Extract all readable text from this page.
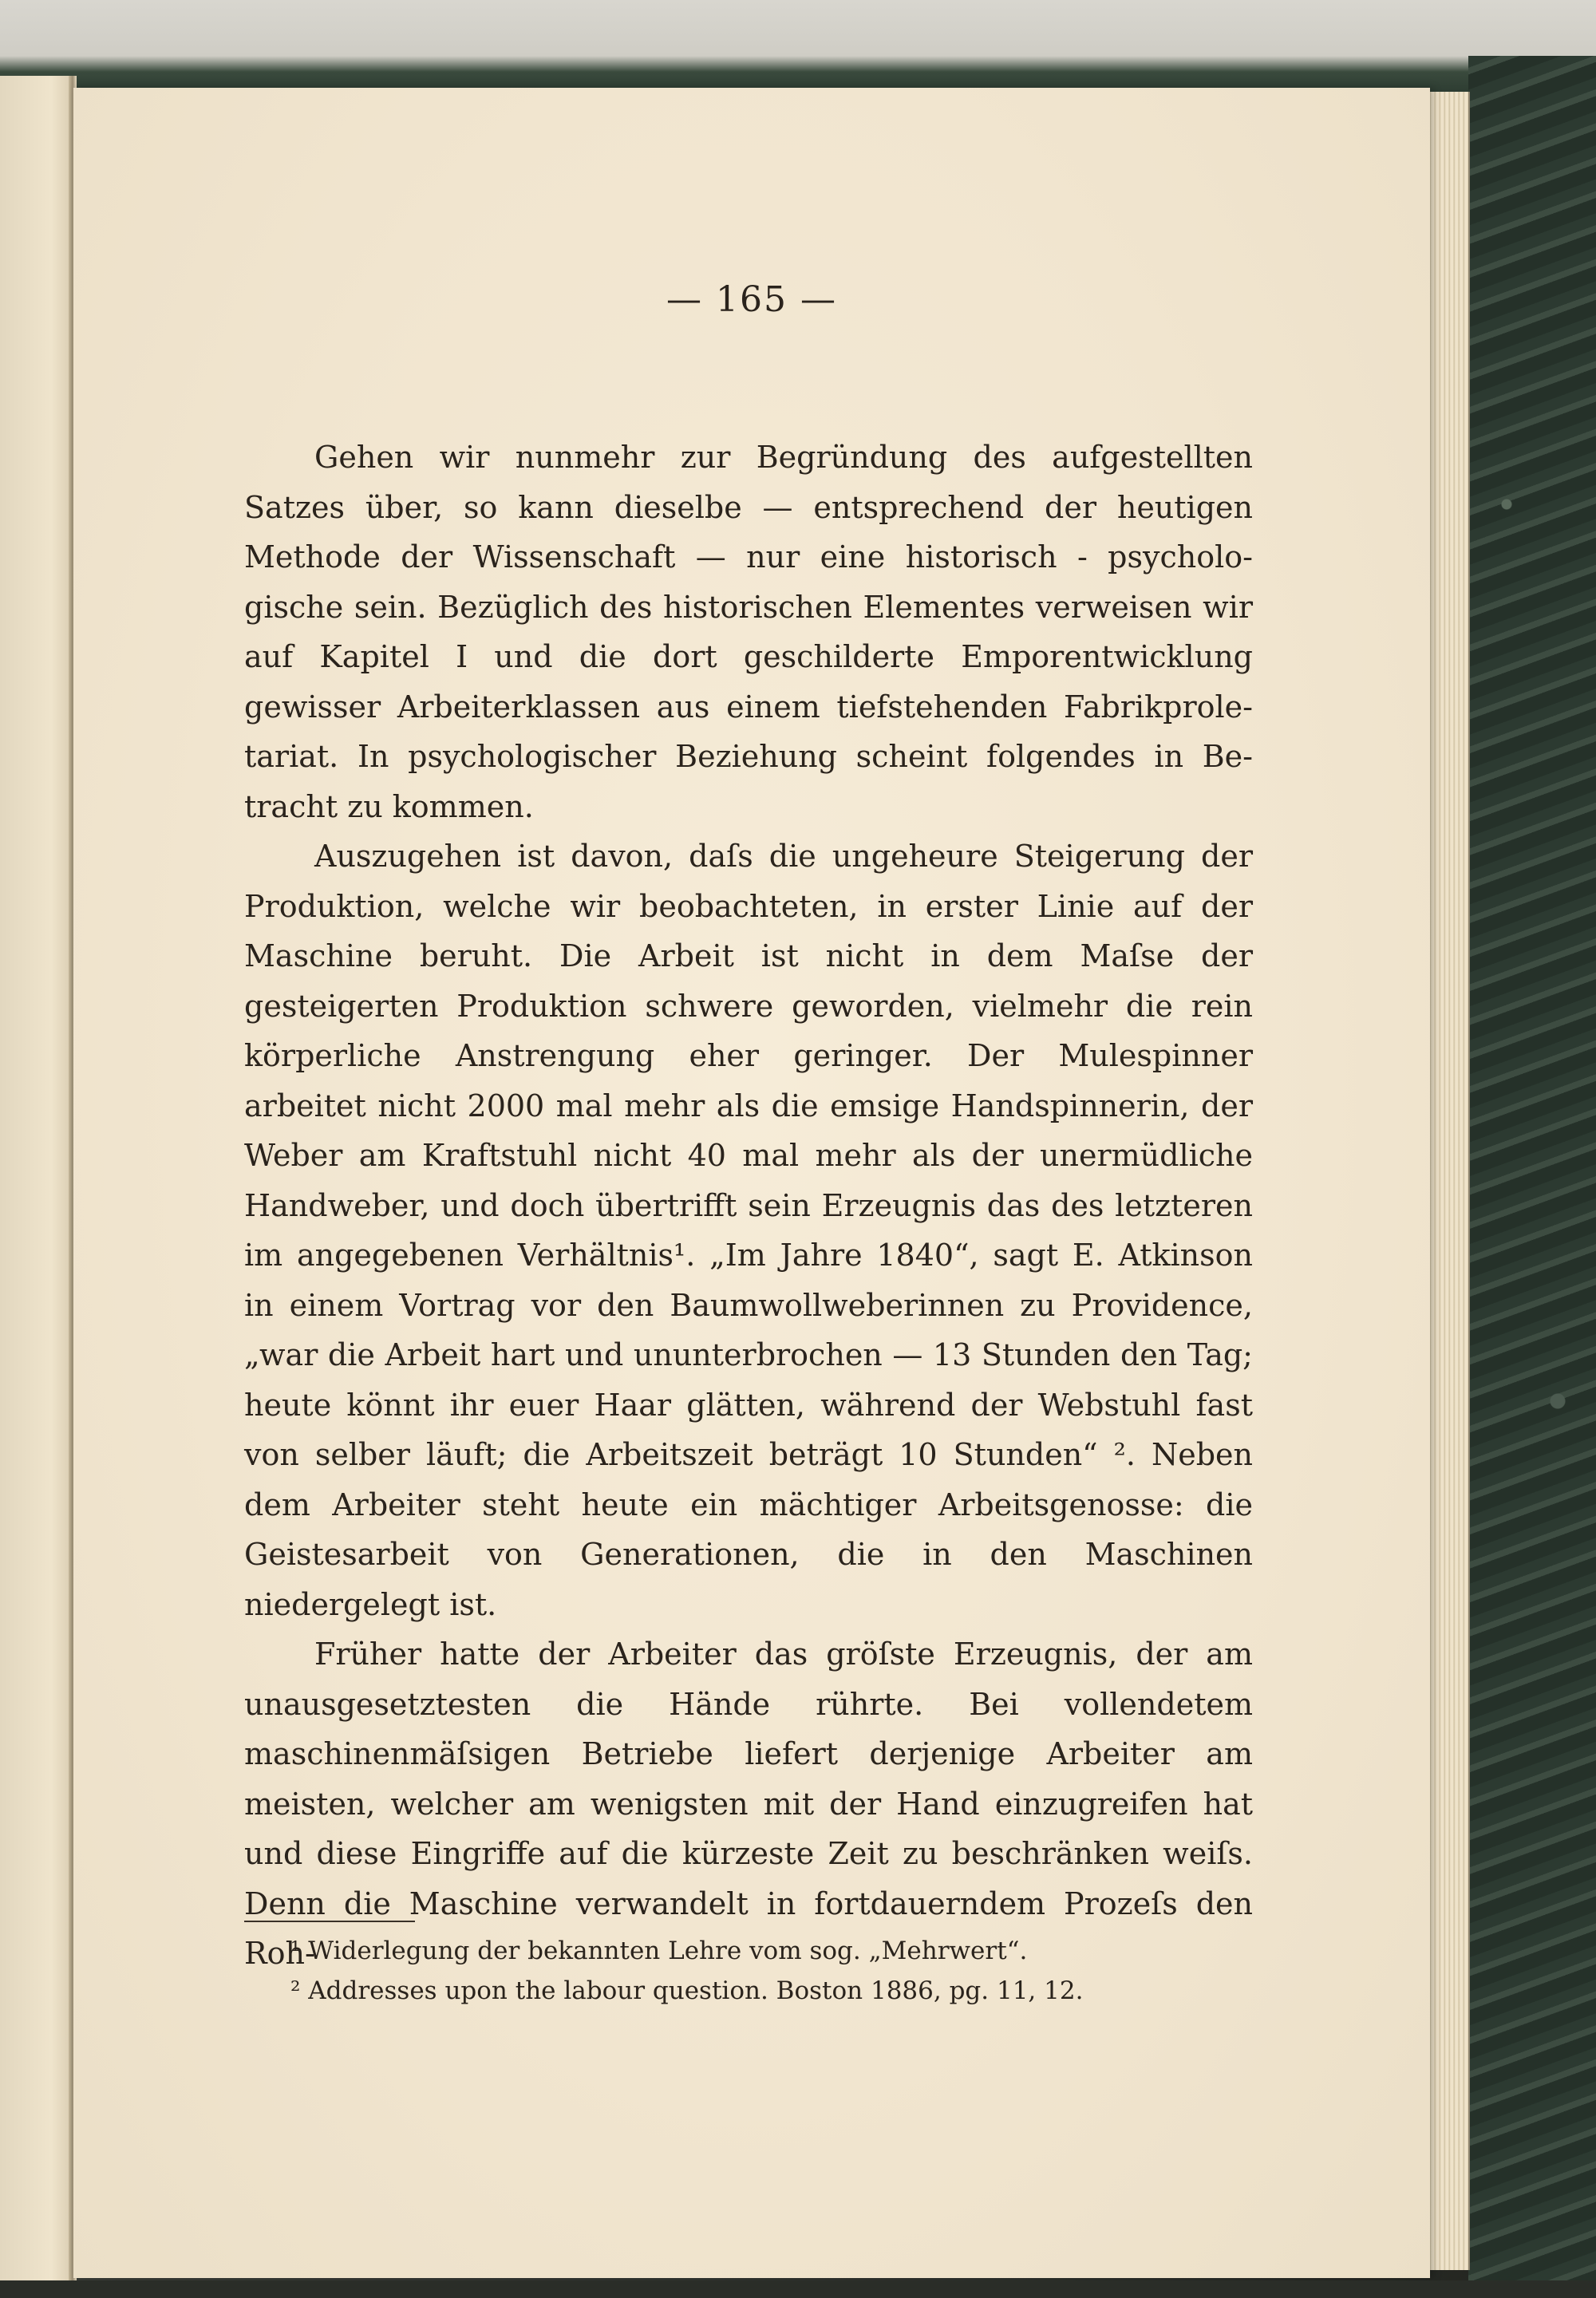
— 165 —

Gehen wir nunmehr zur Begründung des aufgestellten Satzes über, so kann dieselbe — entsprechend der heutigen Methode der Wissenschaft — nur eine historisch - psychologische sein. Bezüglich des historischen Elementes verweisen wir auf Kapitel I und die dort geschilderte Emporentwicklung gewisser Arbeiterklassen aus einem tiefstehenden Fabrikproletariat. In psychologischer Beziehung scheint folgendes in Betracht zu kommen.

Auszugehen ist davon, daſs die ungeheure Steigerung der Produktion, welche wir beobachteten, in erster Linie auf der Maschine beruht. Die Arbeit ist nicht in dem Maſse der gesteigerten Produktion schwere geworden, vielmehr die rein körperliche Anstrengung eher geringer. Der Mulespinner arbeitet nicht 2000 mal mehr als die emsige Handspinnerin, der Weber am Kraftstuhl nicht 40 mal mehr als der unermüdliche Handweber, und doch übertrifft sein Erzeugnis das des letzteren im angegebenen Verhältnis¹. „Im Jahre 1840“, sagt E. Atkinson in einem Vortrag vor den Baumwollweberinnen zu Providence, „war die Arbeit hart und ununterbrochen — 13 Stunden den Tag; heute könnt ihr euer Haar glätten, während der Webstuhl fast von selber läuft; die Arbeitszeit beträgt 10 Stunden“ ². Neben dem Arbeiter steht heute ein mächtiger Arbeitsgenosse: die Geistesarbeit von Generationen, die in den Maschinen niedergelegt ist.

Früher hatte der Arbeiter das gröſste Erzeugnis, der am unausgesetztesten die Hände rührte. Bei vollendetem maschinenmäſsigen Betriebe liefert derjenige Arbeiter am meisten, welcher am wenigsten mit der Hand einzugreifen hat und diese Eingriffe auf die kürzeste Zeit zu beschränken weiſs. Denn die Maschine verwandelt in fortdauerndem Prozeſs den Roh-

¹ Widerlegung der bekannten Lehre vom sog. „Mehrwert“.
² Addresses upon the labour question. Boston 1886, pg. 11, 12.
